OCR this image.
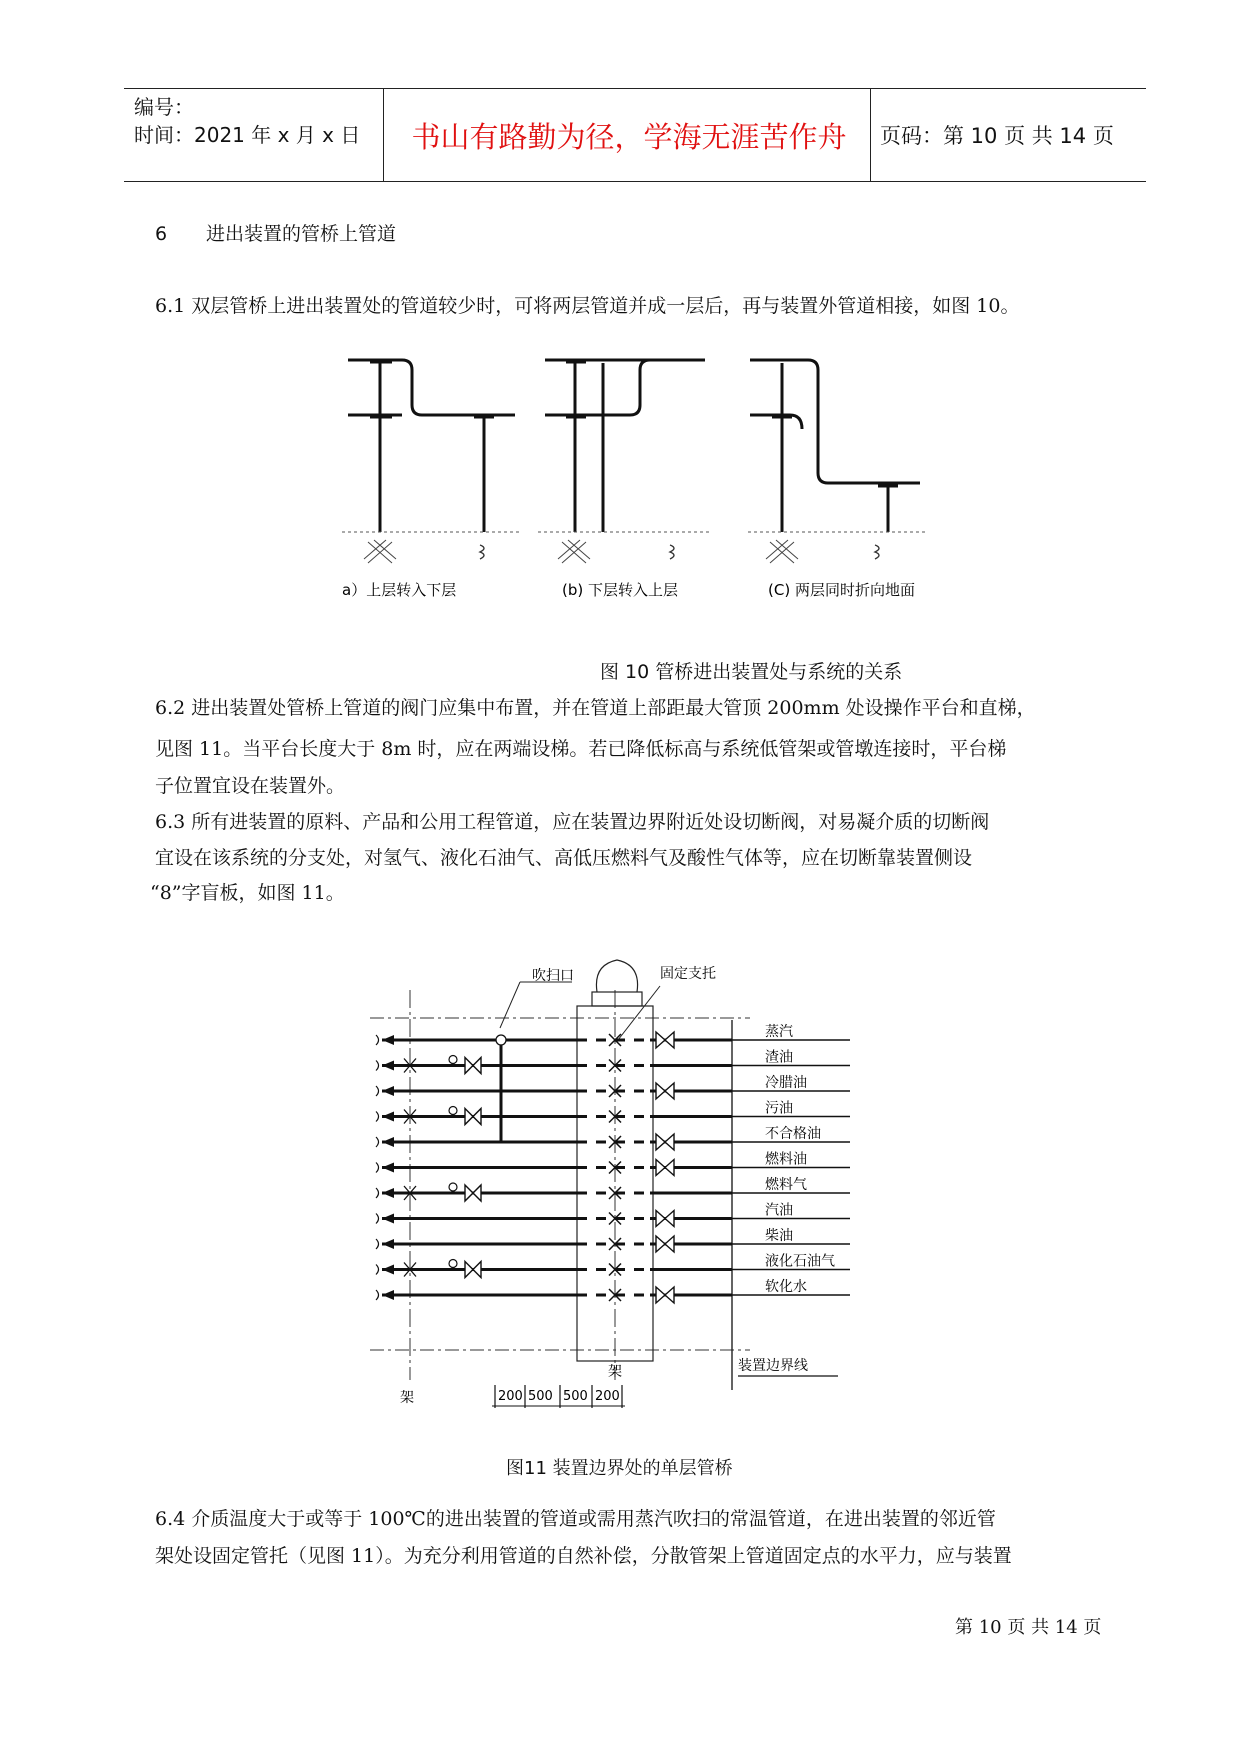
编号：
时间：2021 年 x 月 x 日	书山有路勤为径，学海无涯苦作舟	页码：第 10 页 共 14 页
6 进出装置的管桥上管道
6.1 双层管桥上进出装置处的管道较少时，可将两层管道并成一层后，再与装置外管道相接，如图 10。
a）上层转入下层	(b) 下层转入上层	(C) 两层同时折向地面
图 10 管桥进出装置处与系统的关系
6.2 进出装置处管桥上管道的阀门应集中布置，并在管道上部距最大管顶 200mm 处设操作平台和直梯，
见图 11。当平台长度大于 8m 时，应在两端设梯。若已降低标高与系统低管架或管墩连接时，平台梯
子位置宜设在装置外。
6.3 所有进装置的原料、产品和公用工程管道，应在装置边界附近处设切断阀，对易凝介质的切断阀
宜设在该系统的分支处，对氢气、液化石油气、高低压燃料气及酸性气体等，应在切断靠装置侧设
“8”字盲板，如图 11。
吹扫口	固定支托
蒸汽
渣油
冷腊油
污油
不合格油
燃料油
燃料气
汽油
柴油
液化石油气
软化水
架
架	装置边界线
200 500 500 200
图11 装置边界处的单层管桥
6.4 介质温度大于或等于 100℃的进出装置的管道或需用蒸汽吹扫的常温管道，在进出装置的邻近管
架处设固定管托（见图 11）。为充分利用管道的自然补偿，分散管架上管道固定点的水平力，应与装置
第 10 页 共 14 页
